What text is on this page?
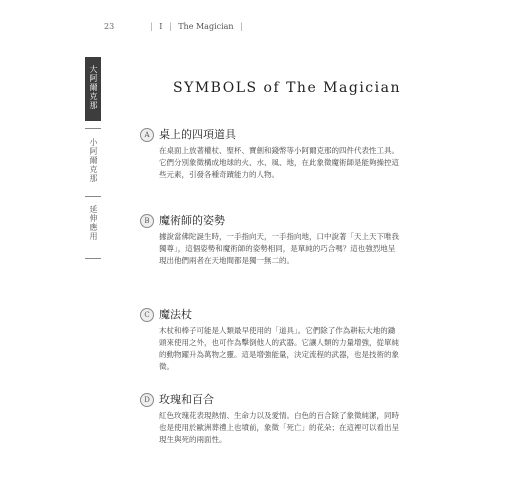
23	| I | The Magician |
大阿爾克那
小阿爾克那
延伸應用
SYMBOLS of The Magician
A 桌上的四項道具

在桌面上放著權杖、聖杯、寶劍和錢幣等小阿爾克那的四件代表性工具。它們分別象徵構成地球的火、水、風、地，在此象徵魔術師是能夠操控這些元素，引發各種奇蹟能力的人物。

B 魔術師的姿勢

據說當佛陀誕生時，一手指向天，一手指向地，口中說著「天上天下唯我獨尊」，這個姿勢和魔術師的姿勢相同，是單純的巧合嗎？這也強烈地呈現出他們兩者在天地間都是獨一無二的。

C 魔法杖

木杖和棒子可能是人類最早使用的「道具」。它們除了作為耕耘大地的鋤頭來使用之外，也可作為擊倒他人的武器。它讓人類的力量增強，從單純的動物躍升為萬物之靈。這是增強能量，決定流程的武器，也是技術的象徵。

D 玫瑰和百合

紅色玫瑰花表現熱情、生命力以及愛情。白色的百合除了象徵純潔，同時也是使用於歐洲葬禮上也墳前，象徵「死亡」的花朵；在這裡可以看出呈現生與死的兩面性。
